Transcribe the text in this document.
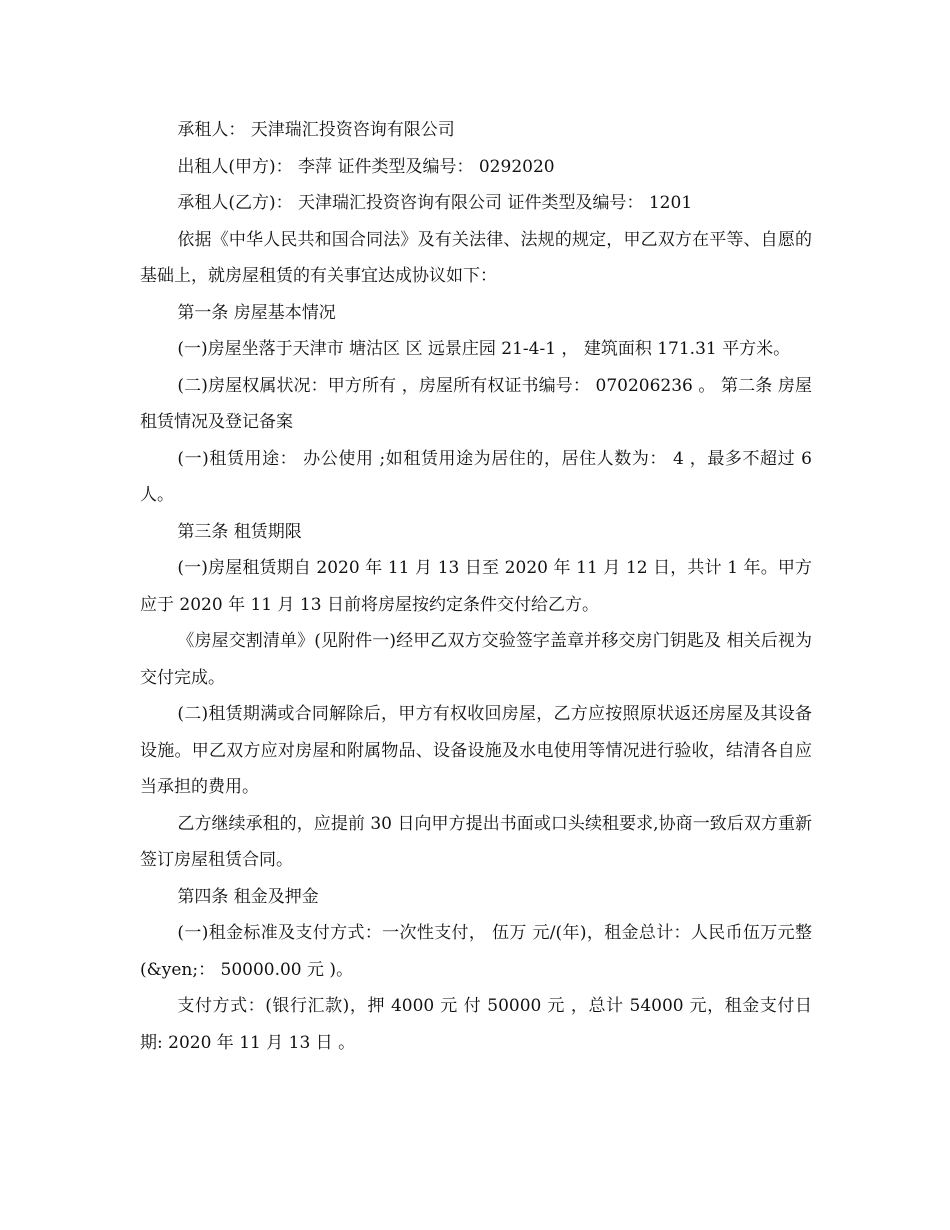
承租人： 天津瑞汇投资咨询有限公司

出租人(甲方)： 李萍 证件类型及编号： 0292020

承租人(乙方)： 天津瑞汇投资咨询有限公司 证件类型及编号： 1201

依据《中华人民共和国合同法》及有关法律、法规的规定，甲乙双方在平等、自愿的基础上，就房屋租赁的有关事宜达成协议如下：

第一条 房屋基本情况

(一)房屋坐落于天津市 塘沽区 区 远景庄园 21-4-1 ， 建筑面积 171.31 平方米。

(二)房屋权属状况：甲方所有 ，房屋所有权证书编号： 070206236 。 第二条 房屋租赁情况及登记备案

(一)租赁用途： 办公使用 ;如租赁用途为居住的，居住人数为： 4 ，最多不超过 6 人。

第三条 租赁期限

(一)房屋租赁期自 2020 年 11 月 13 日至 2020 年 11 月 12 日，共计 1 年。甲方应于 2020 年 11 月 13 日前将房屋按约定条件交付给乙方。

《房屋交割清单》(见附件一)经甲乙双方交验签字盖章并移交房门钥匙及 相关后视为交付完成。

(二)租赁期满或合同解除后，甲方有权收回房屋，乙方应按照原状返还房屋及其设备设施。甲乙双方应对房屋和附属物品、设备设施及水电使用等情况进行验收，结清各自应当承担的费用。

乙方继续承租的，应提前 30 日向甲方提出书面或口头续租要求,协商一致后双方重新签订房屋租赁合同。

第四条 租金及押金

(一)租金标准及支付方式：一次性支付， 伍万 元/(年)，租金总计：人民币伍万元整(&yen;： 50000.00 元 )。

支付方式：(银行汇款)，押 4000 元 付 50000 元 ，总计 54000 元，租金支付日期: 2020 年 11 月 13 日 。
